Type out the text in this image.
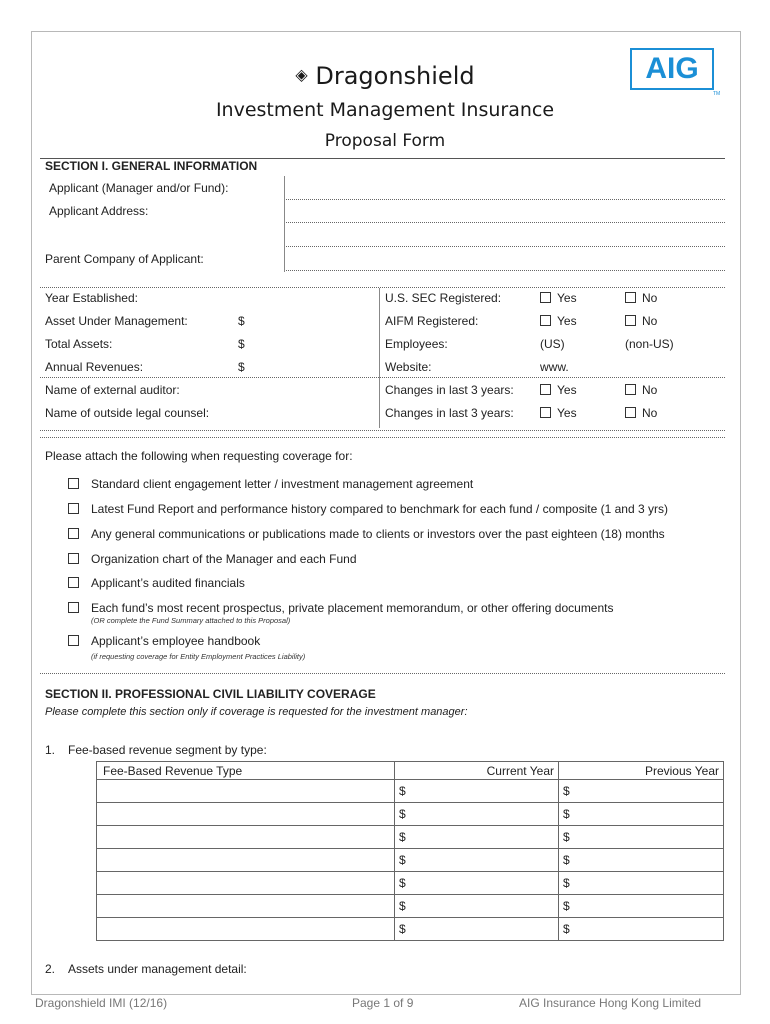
◈ Dragonshield
Investment Management Insurance
Proposal Form
AIG
TM
SECTION I. GENERAL INFORMATION
Applicant (Manager and/or Fund):
Applicant Address:
Parent Company of Applicant:
Year Established:
Asset Under Management:	$
Total Assets:	$
Annual Revenues:	$
Name of external auditor:
Name of outside legal counsel:
U.S. SEC Registered:	Yes	No
AIFM Registered:	Yes	No
Employees:	(US)	(non-US)
Website:	www.
Changes in last 3 years:	Yes	No
Changes in last 3 years:	Yes	No
Please attach the following when requesting coverage for:
Standard client engagement letter / investment management agreement
Latest Fund Report and performance history compared to benchmark for each fund / composite (1 and 3 yrs)
Any general communications or publications made to clients or investors over the past eighteen (18) months
Organization chart of the Manager and each Fund
Applicant’s audited financials
Each fund’s most recent prospectus, private placement memorandum, or other offering documents
(OR complete the Fund Summary attached to this Proposal)
Applicant’s employee handbook
(if requesting coverage for Entity Employment Practices Liability)
SECTION II. PROFESSIONAL CIVIL LIABILITY COVERAGE
Please complete this section only if coverage is requested for the investment manager:
1. Fee-based revenue segment by type:
Fee-Based Revenue Type	Current Year	Previous Year
	$	$
	$	$
	$	$
	$	$
	$	$
	$	$
	$	$
2. Assets under management detail:
Dragonshield IMI (12/16)	Page 1 of 9	AIG Insurance Hong Kong Limited
